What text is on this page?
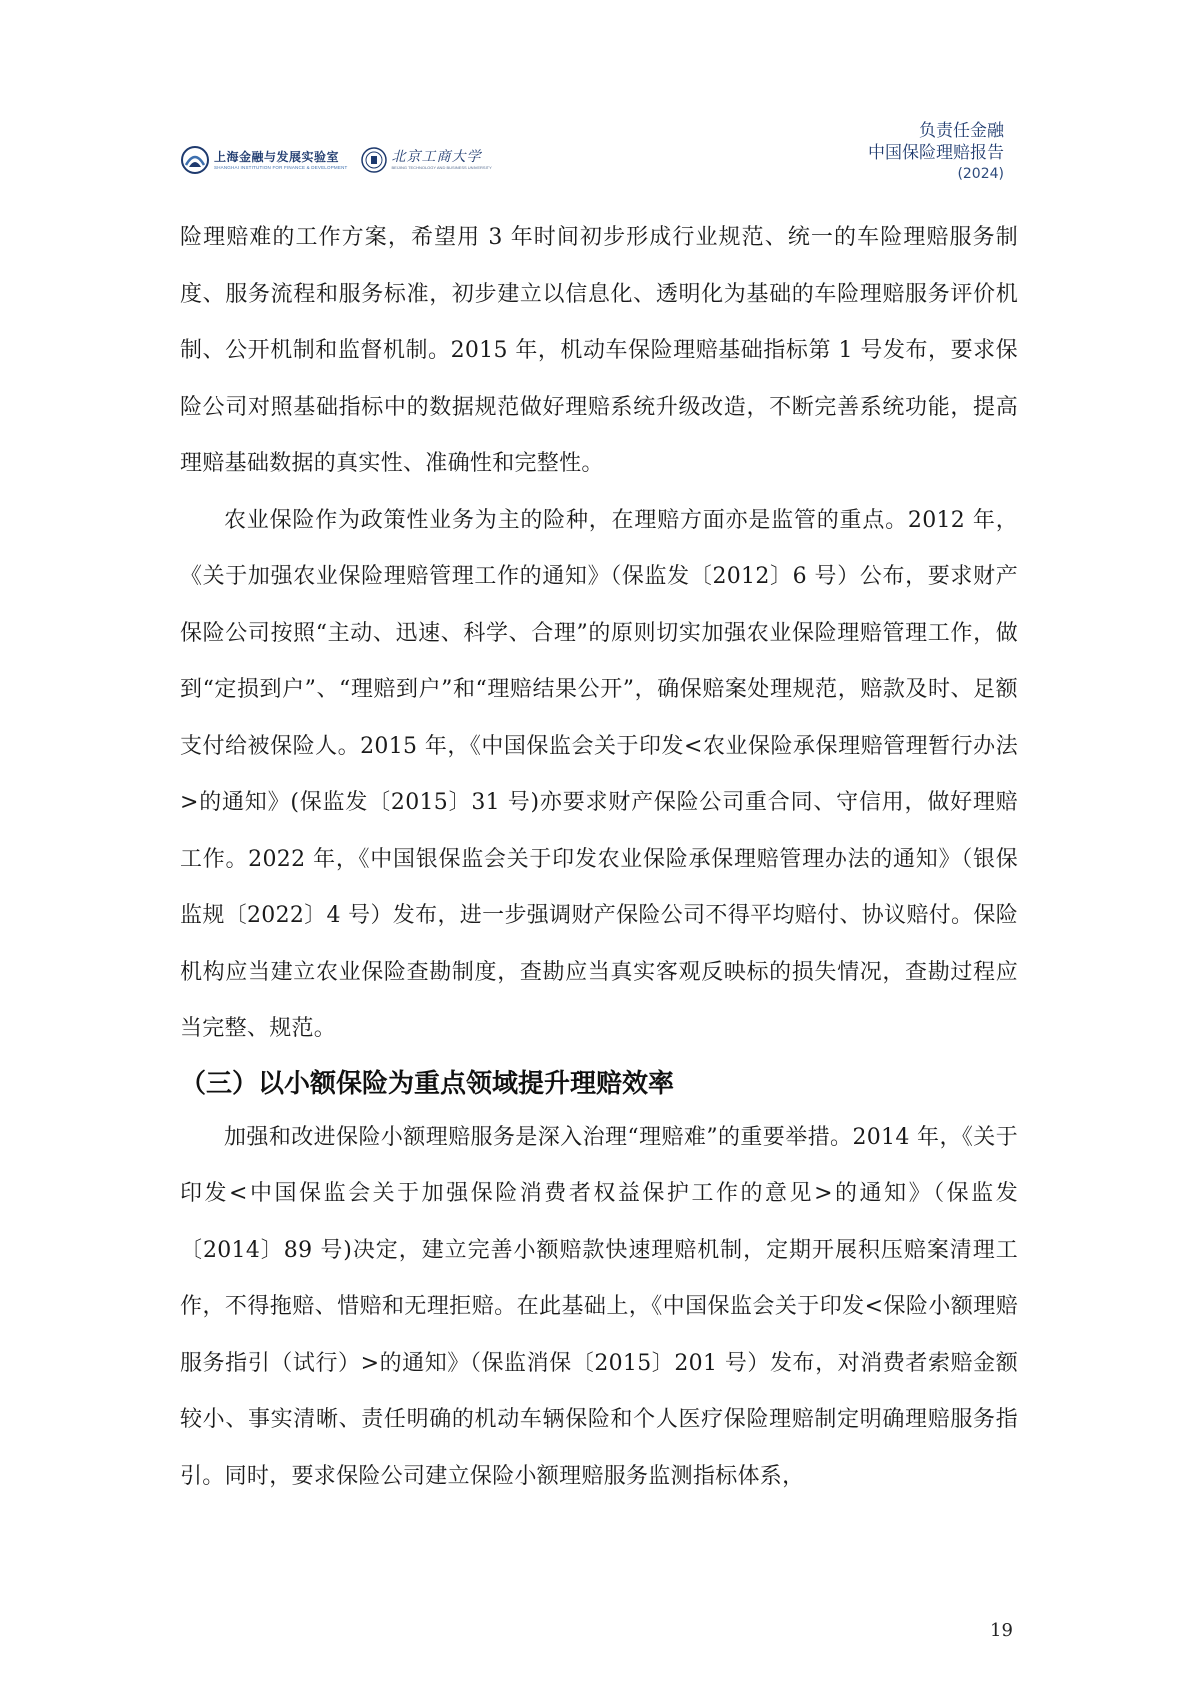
上海金融与发展实验室
SHANGHAI INSTITUTION FOR FINANCE & DEVELOPMENT
北京工商大学
BEIJING TECHNOLOGY AND BUSINESS UNIVERSITY
负责任金融
中国保险理赔报告
(2024)

险理赔难的工作方案，希望用 3 年时间初步形成行业规范、统一的车险理赔服务制度、服务流程和服务标准，初步建立以信息化、透明化为基础的车险理赔服务评价机制、公开机制和监督机制。2015 年，机动车保险理赔基础指标第 1 号发布，要求保险公司对照基础指标中的数据规范做好理赔系统升级改造，不断完善系统功能，提高理赔基础数据的真实性、准确性和完整性。

农业保险作为政策性业务为主的险种，在理赔方面亦是监管的重点。2012 年，《关于加强农业保险理赔管理工作的通知》（保监发〔2012〕6 号）公布，要求财产保险公司按照“主动、迅速、科学、合理”的原则切实加强农业保险理赔管理工作，做到“定损到户”、“理赔到户”和“理赔结果公开”，确保赔案处理规范，赔款及时、足额支付给被保险人。2015 年，《中国保监会关于印发<农业保险承保理赔管理暂行办法>的通知》(保监发〔2015〕31 号)亦要求财产保险公司重合同、守信用，做好理赔工作。2022 年，《中国银保监会关于印发农业保险承保理赔管理办法的通知》（银保监规〔2022〕4 号）发布，进一步强调财产保险公司不得平均赔付、协议赔付。保险机构应当建立农业保险查勘制度，查勘应当真实客观反映标的损失情况，查勘过程应当完整、规范。

（三）以小额保险为重点领域提升理赔效率

加强和改进保险小额理赔服务是深入治理“理赔难”的重要举措。2014 年，《关于印发<中国保监会关于加强保险消费者权益保护工作的意见>的通知》（保监发〔2014〕89 号)决定，建立完善小额赔款快速理赔机制，定期开展积压赔案清理工作，不得拖赔、惜赔和无理拒赔。在此基础上，《中国保监会关于印发<保险小额理赔服务指引（试行）>的通知》（保监消保〔2015〕201 号）发布，对消费者索赔金额较小、事实清晰、责任明确的机动车辆保险和个人医疗保险理赔制定明确理赔服务指引。同时，要求保险公司建立保险小额理赔服务监测指标体系，

19
